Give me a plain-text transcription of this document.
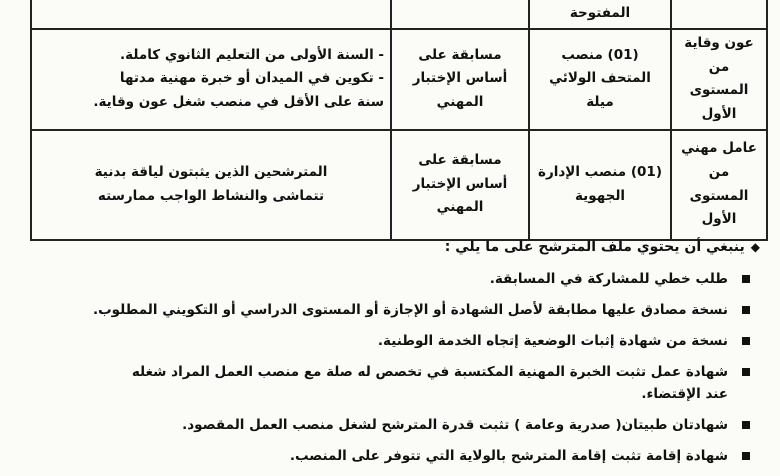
	المفتوحة		
عون وقاية من المستوى الأول	(01) منصب المتحف الولائي ميلة	مسابقة على أساس الإختبار المهني	- السنة الأولى من التعليم الثانوي كاملة.
- تكوين في الميدان أو خبرة مهنية مدتها
سنة على الأقل في منصب شغل عون وقاية.

عامل مهني من المستوى الأول	(01) منصب الإدارة الجهوية	مسابقة على أساس الإختبار المهني	المترشحين الذين يثبتون لياقة بدنية
تتماشى والنشاط الواجب ممارسته
◆ينبغي أن يحتوي ملف المترشح على ما يلي :
طلب خطي للمشاركة في المسابقة.
نسخة مصادق عليها مطابقة لأصل الشهادة أو الإجازة أو المستوى الدراسي أو التكويني المطلوب.
نسخة من شهادة إثبات الوضعية إتجاه الخدمة الوطنية.
شهادة عمل تثبت الخبرة المهنية المكتسبة في تخصص له صلة مع منصب العمل المراد شغله
عند الإقتضاء.
شهادتان طبيتان( صدرية وعامة ) تثبت قدرة المترشح لشغل منصب العمل المقصود.
شهادة إقامة تثبت إقامة المترشح بالولاية التي تتوفر على المنصب.
